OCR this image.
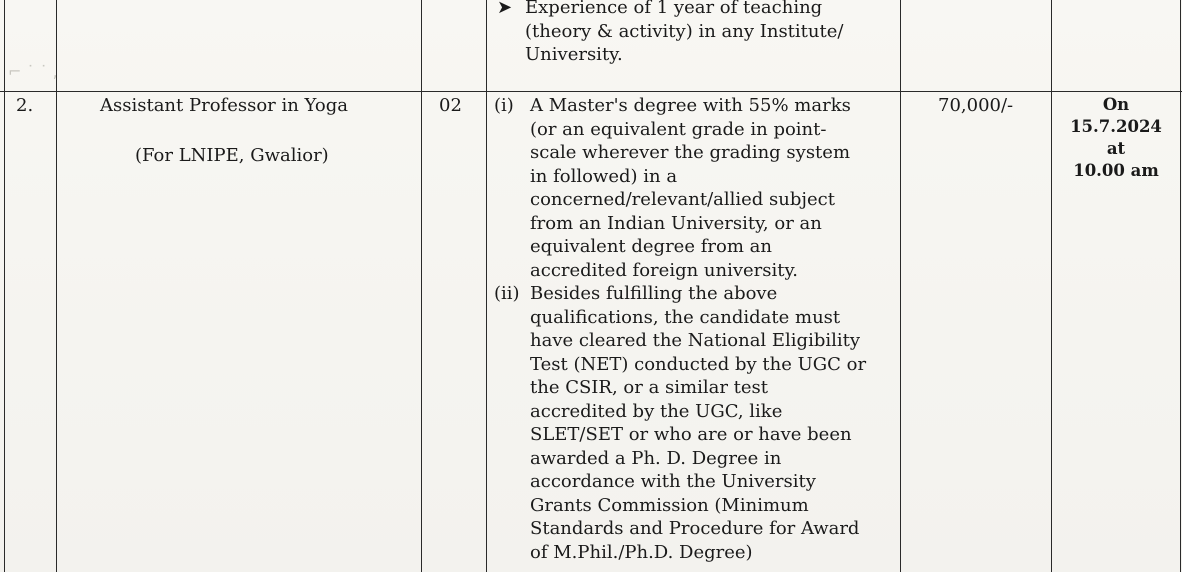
⌐ ˙ ˙ ,
➤ Experience of 1 year of teaching
(theory & activity) in any Institute/
University.
2.	Assistant Professor in Yoga
(For LNIPE, Gwalior)
02 (i) A Master's degree with 55% marks
(or an equivalent grade in point-
scale wherever the grading system
in followed) in a
concerned/relevant/allied subject
from an Indian University, or an
equivalent degree from an
accredited foreign university.
(ii) Besides fulfilling the above
qualifications, the candidate must
have cleared the National Eligibility
Test (NET) conducted by the UGC or
the CSIR, or a similar test
accredited by the UGC, like
SLET/SET or who are or have been
awarded a Ph. D. Degree in
accordance with the University
Grants Commission (Minimum
Standards and Procedure for Award
of M.Phil./Ph.D. Degree)
70,000/-	On
15.7.2024
at
10.00 am
